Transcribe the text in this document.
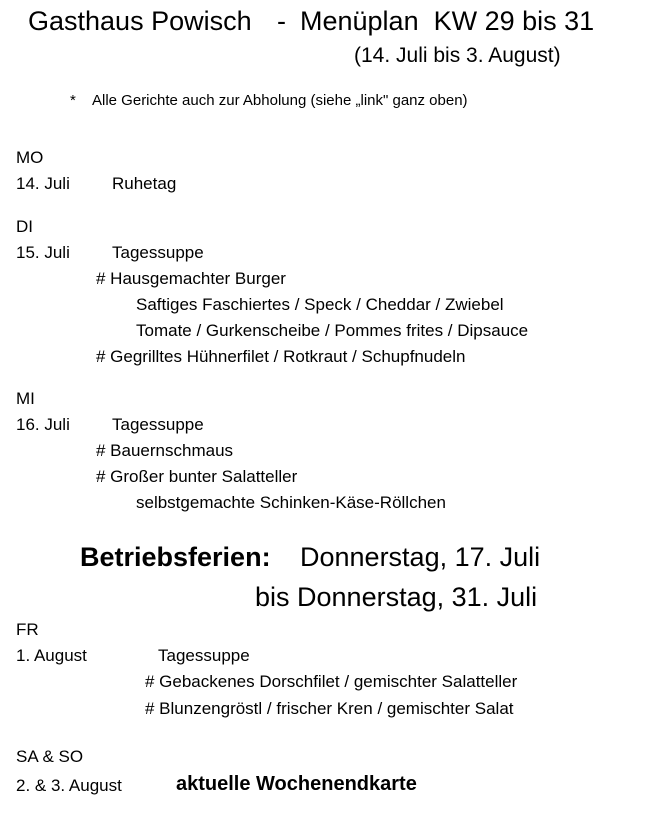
Gasthaus Powisch - Menüplan  KW 29 bis 31
(14. Juli bis 3. August)
* Alle Gerichte auch zur Abholung (siehe „link" ganz oben)
MO
14. Juli Ruhetag
DI
15. Juli Tagessuppe
# Hausgemachter Burger
Saftiges Faschiertes / Speck / Cheddar / Zwiebel
Tomate / Gurkenscheibe / Pommes frites / Dipsauce
# Gegrilltes Hühnerfilet / Rotkraut / Schupfnudeln
MI
16. Juli Tagessuppe
# Bauernschmaus
# Großer bunter Salatteller
selbstgemachte Schinken-Käse-Röllchen
Betriebsferien: Donnerstag, 17. Juli
bis Donnerstag, 31. Juli
FR
1. August	Tagessuppe
# Gebackenes Dorschfilet / gemischter Salatteller
# Blunzengröstl / frischer Kren / gemischter Salat
SA & SO
2. & 3. August	aktuelle Wochenendkarte
